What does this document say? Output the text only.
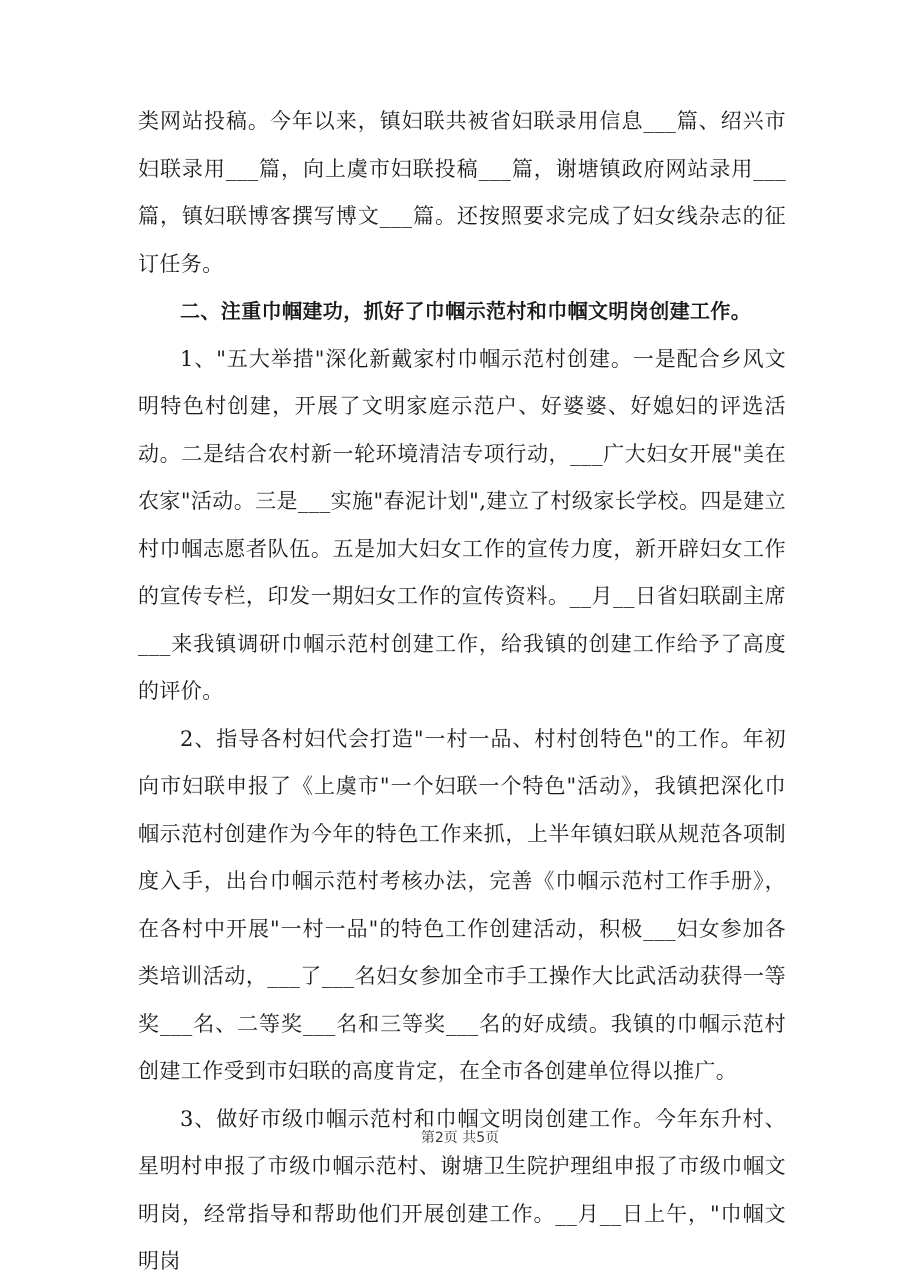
类网站投稿。今年以来，镇妇联共被省妇联录用信息___篇、绍兴市妇联录用___篇，向上虞市妇联投稿___篇，谢塘镇政府网站录用___篇，镇妇联博客撰写博文___篇。还按照要求完成了妇女线杂志的征订任务。

二、注重巾帼建功，抓好了巾帼示范村和巾帼文明岗创建工作。

1、"五大举措"深化新戴家村巾帼示范村创建。一是配合乡风文明特色村创建，开展了文明家庭示范户、好婆婆、好媳妇的评选活动。二是结合农村新一轮环境清洁专项行动，___广大妇女开展"美在农家"活动。三是___实施"春泥计划",建立了村级家长学校。四是建立村巾帼志愿者队伍。五是加大妇女工作的宣传力度，新开辟妇女工作的宣传专栏，印发一期妇女工作的宣传资料。__月__日省妇联副主席___来我镇调研巾帼示范村创建工作，给我镇的创建工作给予了高度的评价。

2、指导各村妇代会打造"一村一品、村村创特色"的工作。年初向市妇联申报了《上虞市"一个妇联一个特色"活动》，我镇把深化巾帼示范村创建作为今年的特色工作来抓，上半年镇妇联从规范各项制度入手，出台巾帼示范村考核办法，完善《巾帼示范村工作手册》，在各村中开展"一村一品"的特色工作创建活动，积极___妇女参加各类培训活动，___了___名妇女参加全市手工操作大比武活动获得一等奖___名、二等奖___名和三等奖___名的好成绩。我镇的巾帼示范村创建工作受到市妇联的高度肯定，在全市各创建单位得以推广。

3、做好市级巾帼示范村和巾帼文明岗创建工作。今年东升村、星明村申报了市级巾帼示范村、谢塘卫生院护理组申报了市级巾帼文明岗，经常指导和帮助他们开展创建工作。__月__日上午，"巾帼文明岗

第2页 共5页
